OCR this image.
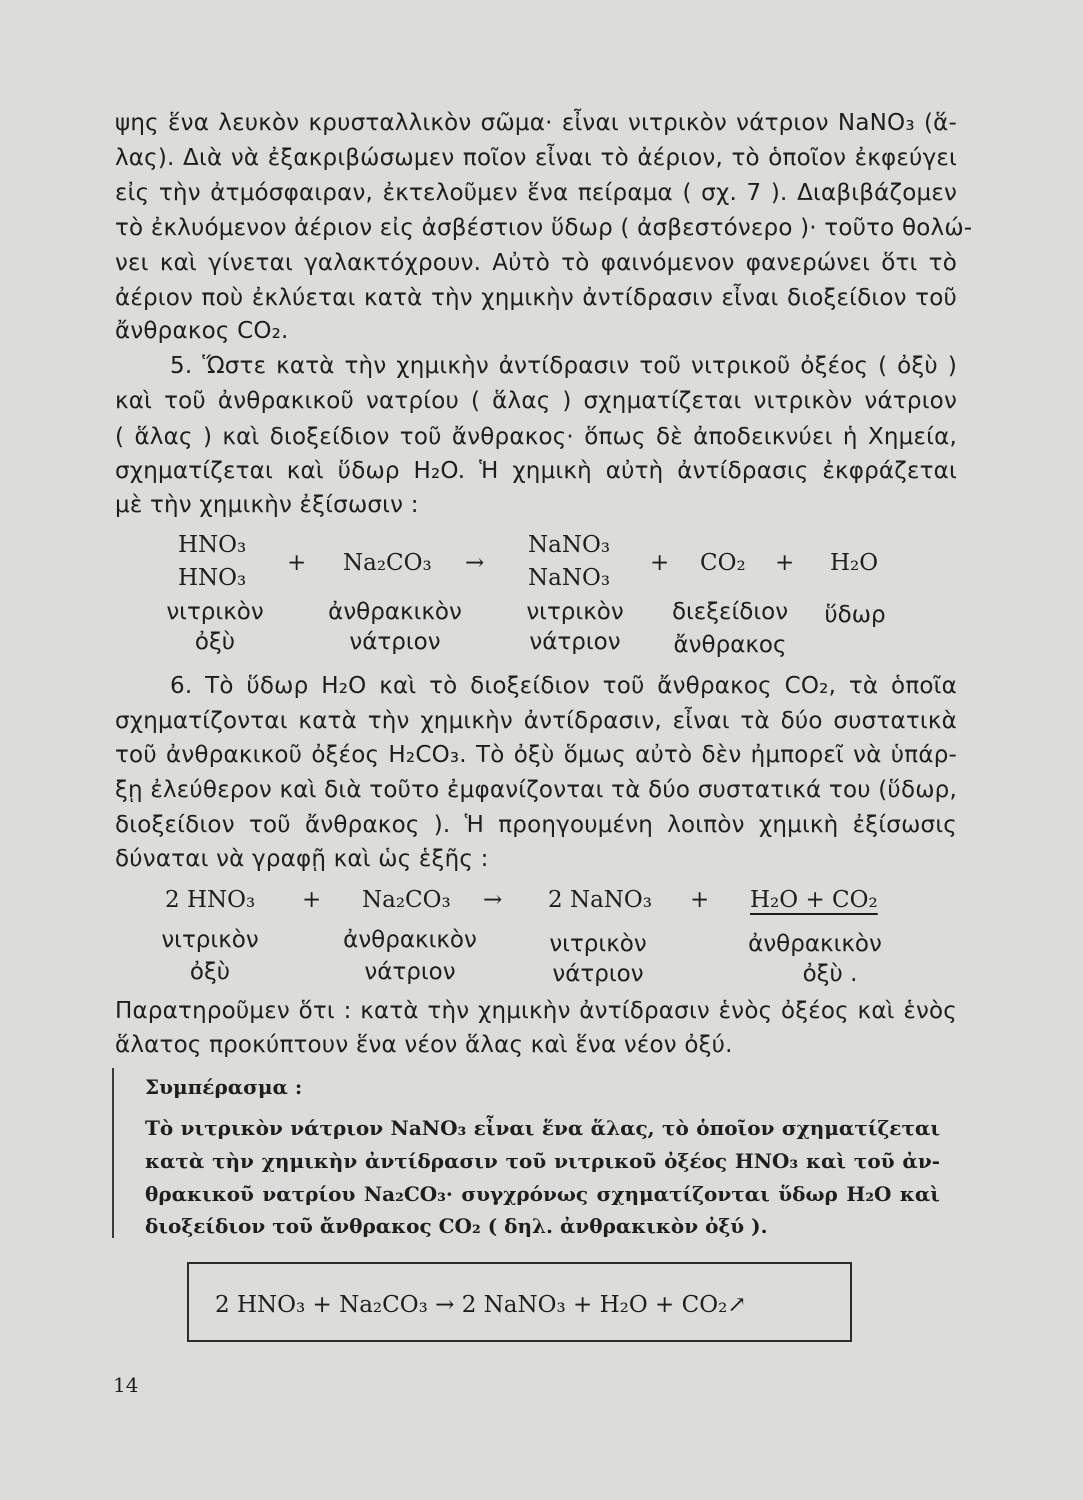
ψης ἕνα λευκὸν κρυσταλλικὸν σῶμα· εἶναι νιτρικὸν νάτριον NaNO₃ (ἅ-
λας). Διὰ νὰ ἐξακριβώσωμεν ποῖον εἶναι τὸ ἀέριον, τὸ ὁποῖον ἐκφεύγει
εἰς τὴν ἀτμόσφαιραν, ἐκτελοῦμεν ἕνα πείραμα ( σχ. 7 ). Διαβιβάζομεν
τὸ ἐκλυόμενον ἀέριον εἰς ἀσβέστιον ὕδωρ ( ἀσβεστόνερο )· τοῦτο θολώ-
νει καὶ γίνεται γαλακτόχρουν. Αὐτὸ τὸ φαινόμενον φανερώνει ὅτι τὸ
ἀέριον ποὺ ἐκλύεται κατὰ τὴν χημικὴν ἀντίδρασιν εἶναι διοξείδιον τοῦ
ἄνθρακος CO₂.
5. Ὥστε κατὰ τὴν χημικὴν ἀντίδρασιν τοῦ νιτρικοῦ ὀξέος ( ὀξὺ )
καὶ τοῦ ἀνθρακικοῦ νατρίου ( ἅλας ) σχηματίζεται νιτρικὸν νάτριον
( ἅλας ) καὶ διοξείδιον τοῦ ἄνθρακος· ὅπως δὲ ἀποδεικνύει ἡ Χημεία,
σχηματίζεται καὶ ὕδωρ H₂O. Ἡ χημικὴ αὐτὴ ἀντίδρασις ἐκφράζεται
μὲ τὴν χημικὴν ἐξίσωσιν :
HNO₃
HNO₃
+ Na₂CO₃ →
NaNO₃
NaNO₃
+ CO₂ + H₂O
νιτρικὸν
ὀξὺ
ἀνθρακικὸν
νάτριον
νιτρικὸν
νάτριον
διεξείδιον
ἄνθρακος
ὕδωρ
6. Τὸ ὕδωρ H₂O καὶ τὸ διοξείδιον τοῦ ἄνθρακος CO₂, τὰ ὁποῖα
σχηματίζονται κατὰ τὴν χημικὴν ἀντίδρασιν, εἶναι τὰ δύο συστατικὰ
τοῦ ἀνθρακικοῦ ὀξέος H₂CO₃. Τὸ ὀξὺ ὅμως αὐτὸ δὲν ἠμπορεῖ νὰ ὑπάρ-
ξῃ ἐλεύθερον καὶ διὰ τοῦτο ἐμφανίζονται τὰ δύο συστατικά του (ὕδωρ,
διοξείδιον τοῦ ἄνθρακος ). Ἡ προηγουμένη λοιπὸν χημικὴ ἐξίσωσις
δύναται νὰ γραφῇ καὶ ὡς ἑξῆς :
2 HNO₃ + Na₂CO₃ → 2 NaNO₃ + H₂O + CO₂
νιτρικὸν
ὀξὺ
ἀνθρακικὸν
νάτριον
νιτρικὸν
νάτριον
ἀνθρακικὸν
ὀξὺ .
Παρατηροῦμεν ὅτι : κατὰ τὴν χημικὴν ἀντίδρασιν ἑνὸς ὀξέος καὶ ἑνὸς
ἅλατος προκύπτουν ἕνα νέον ἅλας καὶ ἕνα νέον ὀξύ.
Συμπέρασμα :
Τὸ νιτρικὸν νάτριον NaNO₃ εἶναι ἕνα ἅλας, τὸ ὁποῖον σχηματίζεται
κατὰ τὴν χημικὴν ἀντίδρασιν τοῦ νιτρικοῦ ὀξέος HNO₃ καὶ τοῦ ἀν-
θρακικοῦ νατρίου Na₂CO₃· συγχρόνως σχηματίζονται ὕδωρ H₂O καὶ
διοξείδιον τοῦ ἄνθρακος CO₂ ( δηλ. ἀνθρακικὸν ὀξύ ).
2 HNO₃ + Na₂CO₃ → 2 NaNO₃ + H₂O + CO₂↗
14
